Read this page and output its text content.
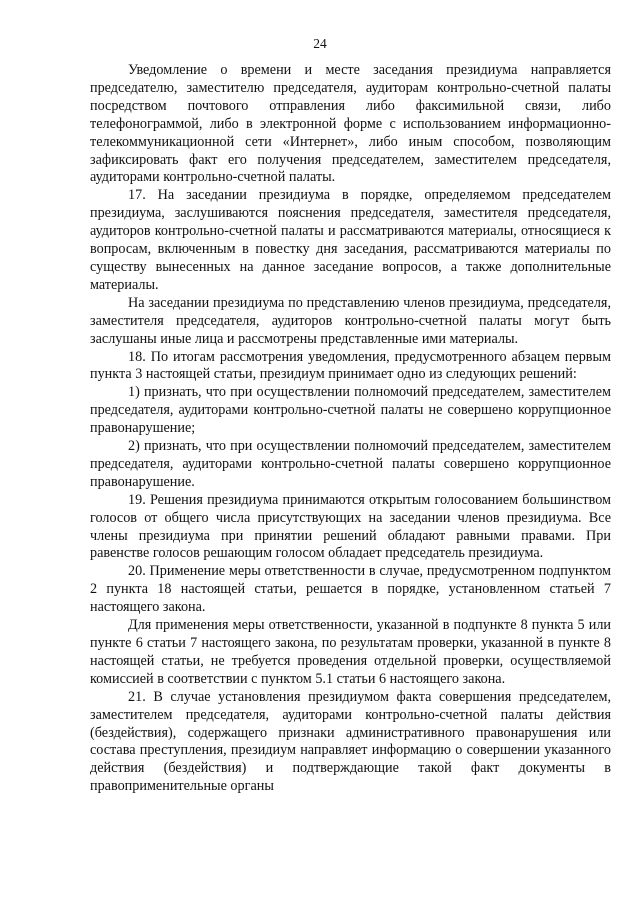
24

Уведомление о времени и месте заседания президиума направляется председателю, заместителю председателя, аудиторам контрольно-счетной палаты посредством почтового отправления либо факсимильной связи, либо телефонограммой, либо в электронной форме с использованием информационно-телекоммуникационной сети «Интернет», либо иным способом, позволяющим зафиксировать факт его получения председателем, заместителем председателя, аудиторами контрольно-счетной палаты.

17. На заседании президиума в порядке, определяемом председателем президиума, заслушиваются пояснения председателя, заместителя председателя, аудиторов контрольно-счетной палаты и рассматриваются материалы, относящиеся к вопросам, включенным в повестку дня заседания, рассматриваются материалы по существу вынесенных на данное заседание вопросов, а также дополнительные материалы.

На заседании президиума по представлению членов президиума, председателя, заместителя председателя, аудиторов контрольно-счетной палаты могут быть заслушаны иные лица и рассмотрены представленные ими материалы.

18. По итогам рассмотрения уведомления, предусмотренного абзацем первым пункта 3 настоящей статьи, президиум принимает одно из следующих решений:

1) признать, что при осуществлении полномочий председателем, заместителем председателя, аудиторами контрольно-счетной палаты не совершено коррупционное правонарушение;

2) признать, что при осуществлении полномочий председателем, заместителем председателя, аудиторами контрольно-счетной палаты совершено коррупционное правонарушение.

19. Решения президиума принимаются открытым голосованием большинством голосов от общего числа присутствующих на заседании членов президиума. Все члены президиума при принятии решений обладают равными правами. При равенстве голосов решающим голосом обладает председатель президиума.

20. Применение меры ответственности в случае, предусмотренном подпунктом 2 пункта 18 настоящей статьи, решается в порядке, установленном статьей 7 настоящего закона.

Для применения меры ответственности, указанной в подпункте 8 пункта 5 или пункте 6 статьи 7 настоящего закона, по результатам проверки, указанной в пункте 8 настоящей статьи, не требуется проведения отдельной проверки, осуществляемой комиссией в соответствии с пунктом 5.1 статьи 6 настоящего закона.

21. В случае установления президиумом факта совершения председателем, заместителем председателя, аудиторами контрольно-счетной палаты действия (бездействия), содержащего признаки административного правонарушения или состава преступления, президиум направляет информацию о совершении указанного действия (бездействия) и подтверждающие такой факт документы в правоприменительные органы
